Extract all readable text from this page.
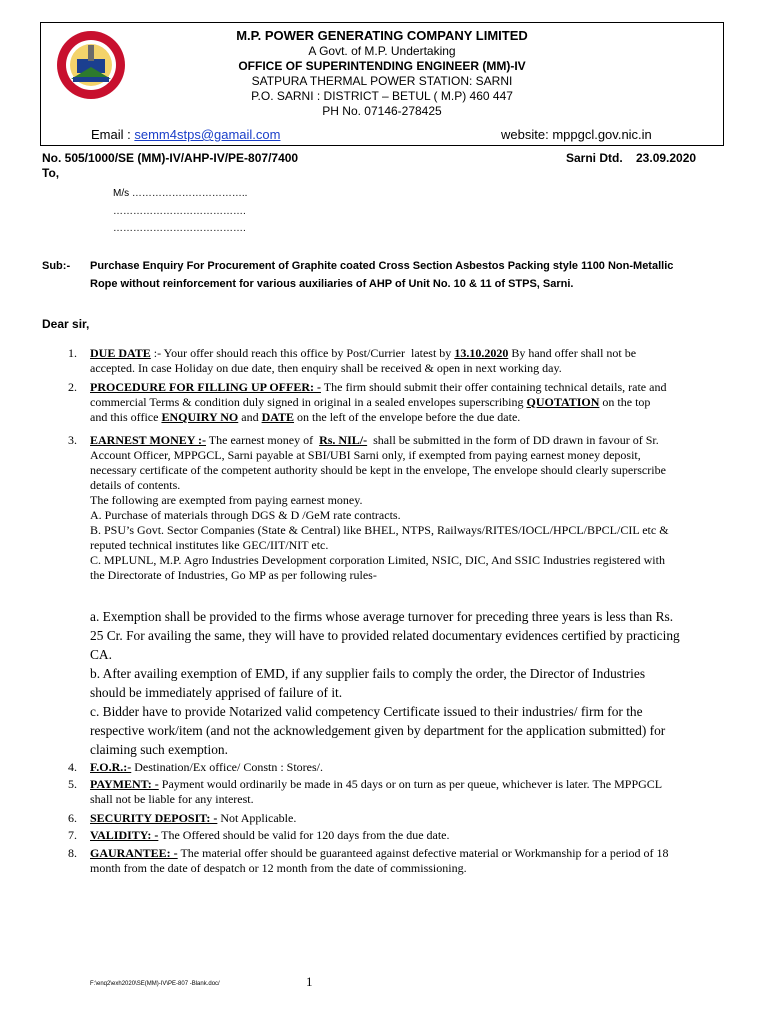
M.P. POWER GENERATING COMPANY LIMITED
A Govt. of M.P. Undertaking
OFFICE OF SUPERINTENDING ENGINEER (MM)-IV
SATPURA THERMAL POWER STATION: SARNI
P.O. SARNI : DISTRICT – BETUL ( M.P) 460 447
PH No. 07146-278425
Email : semm4stps@gamail.com	website: mppgcl.gov.nic.in
No. 505/1000/SE (MM)-IV/AHP-IV/PE-807/7400	Sarni Dtd.    23.09.2020
To,
M/s ……………………………..
………………………………….
………………………………….
Sub:- Purchase Enquiry For Procurement of Graphite coated Cross Section Asbestos Packing style 1100 Non-Metallic
Rope without reinforcement for various auxiliaries of AHP of Unit No. 10 & 11 of STPS, Sarni.
Dear sir,
1. DUE DATE :- Your offer should reach this office by Post/Currier  latest by 13.10.2020 By hand offer shall not be
accepted. In case Holiday on due date, then enquiry shall be received & open in next working day.
2. PROCEDURE FOR FILLING UP OFFER: - The firm should submit their offer containing technical details, rate and
commercial Terms & condition duly signed in original in a sealed envelopes superscribing QUOTATION on the top
and this office ENQUIRY NO and DATE on the left of the envelope before the due date.
3. EARNEST MONEY :- The earnest money of  Rs. NIL/-  shall be submitted in the form of DD drawn in favour of Sr.
Account Officer, MPPGCL, Sarni payable at SBI/UBI Sarni only, if exempted from paying earnest money deposit,
necessary certificate of the competent authority should be kept in the envelope, The envelope should clearly superscribe
details of contents.
The following are exempted from paying earnest money.
A. Purchase of materials through DGS & D /GeM rate contracts.
B. PSU’s Govt. Sector Companies (State & Central) like BHEL, NTPS, Railways/RITES/IOCL/HPCL/BPCL/CIL etc &
reputed technical institutes like GEC/IIT/NIT etc.
C. MPLUNL, M.P. Agro Industries Development corporation Limited, NSIC, DIC, And SSIC Industries registered with
the Directorate of Industries, Go MP as per following rules-
a. Exemption shall be provided to the firms whose average turnover for preceding three years is less than Rs.
25 Cr. For availing the same, they will have to provided related documentary evidences certified by practicing
CA.
b. After availing exemption of EMD, if any supplier fails to comply the order, the Director of Industries
should be immediately apprised of failure of it.
c. Bidder have to provide Notarized valid competency Certificate issued to their industries/ firm for the
respective work/item (and not the acknowledgement given by department for the application submitted) for
claiming such exemption.
4. F.O.R.:- Destination/Ex office/ Constn : Stores/.
5. PAYMENT: - Payment would ordinarily be made in 45 days or on turn as per queue, whichever is later. The MPPGCL
shall not be liable for any interest.
6. SECURITY DEPOSIT: - Not Applicable.
7. VALIDITY: - The Offered should be valid for 120 days from the due date.
8. GAURANTEE: - The material offer should be guaranteed against defective material or Workmanship for a period of 18
month from the date of despatch or 12 month from the date of commissioning.
F:\enq2\exh2020\SE(MM)-IV\PE-807 -Blank.doc/	1
